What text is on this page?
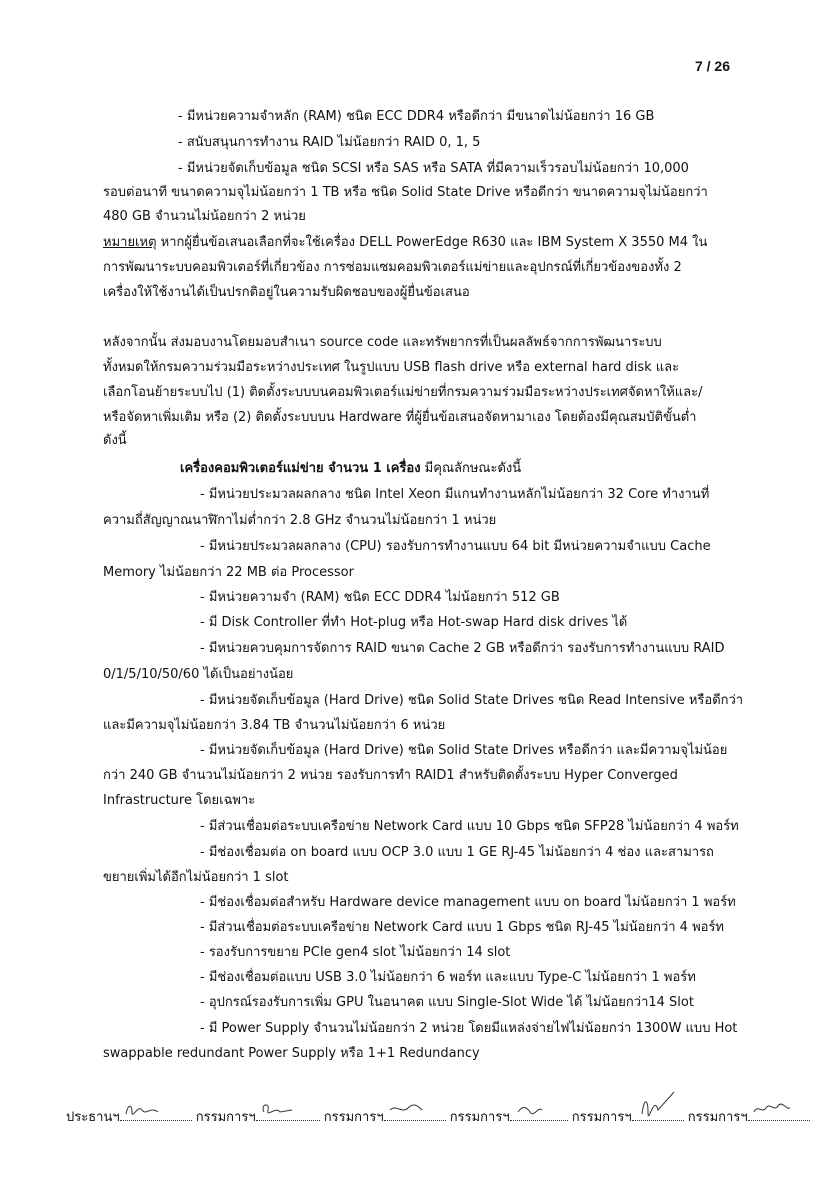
7 / 26
- มีหน่วยความจำหลัก (RAM) ชนิด ECC DDR4 หรือดีกว่า มีขนาดไม่น้อยกว่า 16 GB
- สนับสนุนการทำงาน RAID ไม่น้อยกว่า RAID 0, 1, 5
- มีหน่วยจัดเก็บข้อมูล ชนิด SCSI หรือ SAS หรือ SATA ที่มีความเร็วรอบไม่น้อยกว่า 10,000
รอบต่อนาที ขนาดความจุไม่น้อยกว่า 1 TB หรือ ชนิด Solid State Drive หรือดีกว่า ขนาดความจุไม่น้อยกว่า
480 GB จำนวนไม่น้อยกว่า 2 หน่วย
หมายเหตุ หากผู้ยื่นข้อเสนอเลือกที่จะใช้เครื่อง DELL PowerEdge R630 และ IBM System X 3550 M4 ใน
การพัฒนาระบบคอมพิวเตอร์ที่เกี่ยวข้อง การซ่อมแซมคอมพิวเตอร์แม่ข่ายและอุปกรณ์ที่เกี่ยวข้องของทั้ง 2
เครื่องให้ใช้งานได้เป็นปรกติอยู่ในความรับผิดชอบของผู้ยื่นข้อเสนอ
หลังจากนั้น ส่งมอบงานโดยมอบสำเนา source code และทรัพยากรที่เป็นผลลัพธ์จากการพัฒนาระบบ
ทั้งหมดให้กรมความร่วมมือระหว่างประเทศ ในรูปแบบ USB flash drive หรือ external hard disk และ
เลือกโอนย้ายระบบไป (1) ติดตั้งระบบบนคอมพิวเตอร์แม่ข่ายที่กรมความร่วมมือระหว่างประเทศจัดหาให้และ/
หรือจัดหาเพิ่มเติม หรือ (2) ติดตั้งระบบบน Hardware ที่ผู้ยื่นข้อเสนอจัดหามาเอง โดยต้องมีคุณสมบัติขั้นต่ำ
ดังนี้
เครื่องคอมพิวเตอร์แม่ข่าย จำนวน 1 เครื่อง มีคุณลักษณะดังนี้
- มีหน่วยประมวลผลกลาง ชนิด Intel Xeon มีแกนทำงานหลักไม่น้อยกว่า 32 Core ทำงานที่
ความถี่สัญญาณนาฬิกาไม่ต่ำกว่า 2.8 GHz จำนวนไม่น้อยกว่า 1 หน่วย
- มีหน่วยประมวลผลกลาง (CPU) รองรับการทำงานแบบ 64 bit มีหน่วยความจำแบบ Cache
Memory ไม่น้อยกว่า 22 MB ต่อ Processor
- มีหน่วยความจำ (RAM) ชนิด ECC DDR4 ไม่น้อยกว่า 512 GB
- มี Disk Controller ที่ทำ Hot-plug หรือ Hot-swap Hard disk drives ได้
- มีหน่วยควบคุมการจัดการ RAID ขนาด Cache 2 GB หรือดีกว่า รองรับการทำงานแบบ RAID
0/1/5/10/50/60 ได้เป็นอย่างน้อย
- มีหน่วยจัดเก็บข้อมูล (Hard Drive) ชนิด Solid State Drives ชนิด Read Intensive หรือดีกว่า
และมีความจุไม่น้อยกว่า 3.84 TB จำนวนไม่น้อยกว่า 6 หน่วย
- มีหน่วยจัดเก็บข้อมูล (Hard Drive) ชนิด Solid State Drives หรือดีกว่า และมีความจุไม่น้อย
กว่า 240 GB จำนวนไม่น้อยกว่า 2 หน่วย รองรับการทำ RAID1 สำหรับติดตั้งระบบ Hyper Converged
Infrastructure โดยเฉพาะ
- มีส่วนเชื่อมต่อระบบเครือข่าย Network Card แบบ 10 Gbps ชนิด SFP28 ไม่น้อยกว่า 4 พอร์ท
- มีช่องเชื่อมต่อ on board แบบ OCP 3.0 แบบ 1 GE RJ-45 ไม่น้อยกว่า 4 ช่อง และสามารถ
ขยายเพิ่มได้อีกไม่น้อยกว่า 1 slot
- มีช่องเชื่อมต่อสำหรับ Hardware device management แบบ on board ไม่น้อยกว่า 1 พอร์ท
- มีส่วนเชื่อมต่อระบบเครือข่าย Network Card แบบ 1 Gbps ชนิด RJ-45 ไม่น้อยกว่า 4 พอร์ท
- รองรับการขยาย PCIe gen4 slot ไม่น้อยกว่า 14 slot
- มีช่องเชื่อมต่อแบบ USB 3.0 ไม่น้อยกว่า 6 พอร์ท และแบบ Type-C ไม่น้อยกว่า 1 พอร์ท
- อุปกรณ์รองรับการเพิ่ม GPU ในอนาคต แบบ Single-Slot Wide ได้ ไม่น้อยกว่า14 Slot
- มี Power Supply จำนวนไม่น้อยกว่า 2 หน่วย โดยมีแหล่งจ่ายไฟไม่น้อยกว่า 1300W แบบ Hot
swappable redundant Power Supply หรือ 1+1 Redundancy
ประธานฯ	กรรมการฯ	กรรมการฯ	กรรมการฯ	กรรมการฯ	กรรมการฯ
